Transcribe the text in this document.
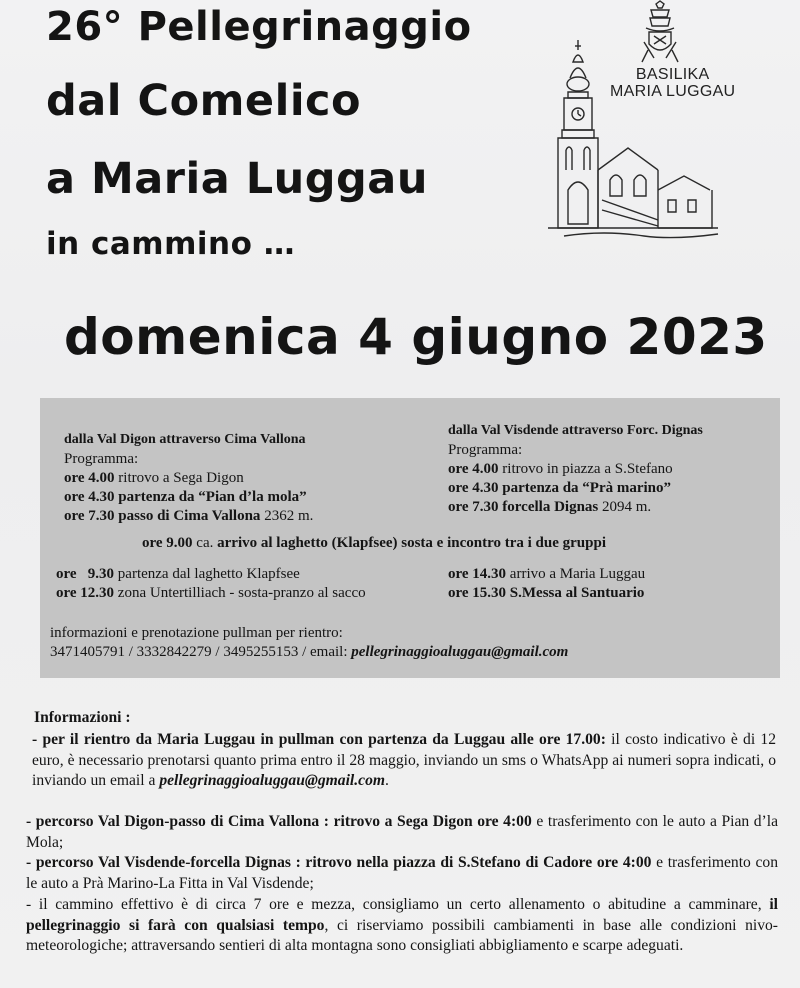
26° Pellegrinaggio
dal Comelico
a Maria Luggau
in cammino …
domenica 4 giugno 2023
BASILIKA
MARIA LUGGAU
dalla Val Digon attraverso Cima Vallona
Programma:
ore 4.00 ritrovo a Sega Digon
ore 4.30 partenza da “Pian d’la mola”
ore 7.30 passo di Cima Vallona 2362 m.
dalla Val Visdende attraverso Forc. Dignas
Programma:
ore 4.00 ritrovo in piazza a S.Stefano
ore 4.30 partenza da “Prà marino”
ore 7.30 forcella Dignas 2094 m.
ore 9.00 ca. arrivo al laghetto (Klapfsee) sosta e incontro tra i due gruppi
ore   9.30 partenza dal laghetto Klapfsee
ore 12.30 zona Untertilliach - sosta-pranzo al sacco
ore 14.30 arrivo a Maria Luggau
ore 15.30 S.Messa al Santuario
informazioni e prenotazione pullman per rientro:
3471405791 / 3332842279 / 3495255153 / email: pellegrinaggioaluggau@gmail.com
Informazioni :
- per il rientro da Maria Luggau in pullman con partenza da Luggau alle ore 17.00: il costo indicativo è di 12 euro, è necessario prenotarsi quanto prima entro il 28 maggio, inviando un sms o WhatsApp ai numeri sopra indicati, o inviando un email a pellegrinaggioaluggau@gmail.com.
- percorso Val Digon-passo di Cima Vallona : ritrovo a Sega Digon ore 4:00 e trasferimento con le auto a Pian d’la Mola;
- percorso Val Visdende-forcella Dignas : ritrovo nella piazza di S.Stefano di Cadore ore 4:00 e trasferimento con le auto a Prà Marino-La Fitta in Val Visdende;
- il cammino effettivo è di circa 7 ore e mezza, consigliamo un certo allenamento o abitudine a camminare, il pellegrinaggio si farà con qualsiasi tempo, ci riserviamo possibili cambiamenti in base alle condizioni nivo-meteorologiche; attraversando sentieri di alta montagna sono consigliati abbigliamento e scarpe adeguati.
